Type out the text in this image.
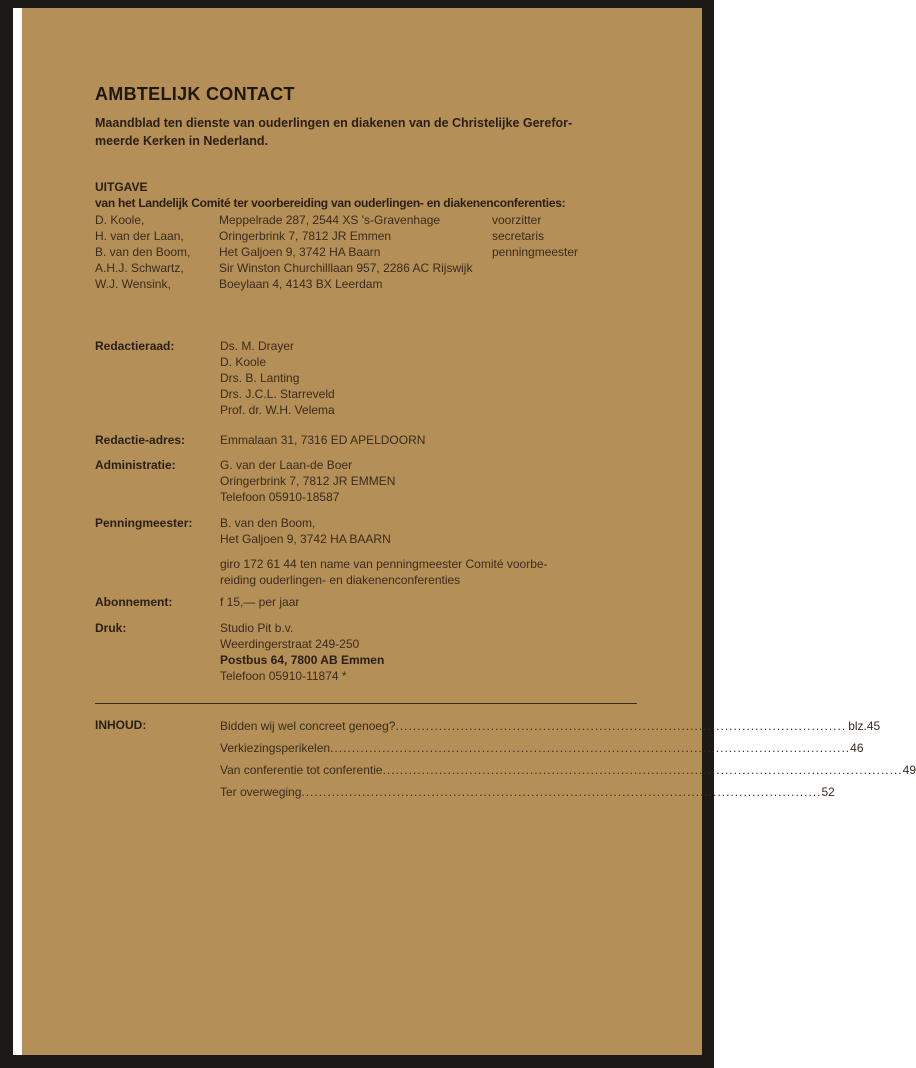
AMBTELIJK CONTACT
Maandblad ten dienste van ouderlingen en diakenen van de Christelijke Gerefor-
meerde Kerken in Nederland.
UITGAVE
van het Landelijk Comité ter voorbereiding van ouderlingen- en diakenenconferenties:
D. Koole,	Meppelrade 287, 2544 XS 's-Gravenhage	voorzitter
H. van der Laan,	Oringerbrink 7, 7812 JR Emmen	secretaris
B. van den Boom, Het Galjoen 9, 3742 HA Baarn	penningmeester
A.H.J. Schwartz,	Sir Winston Churchilllaan 957, 2286 AC Rijswijk
W.J. Wensink,	Boeylaan 4, 4143 BX Leerdam
Redactieraad:	Ds. M. Drayer
D. Koole
Drs. B. Lanting
Drs. J.C.L. Starreveld
Prof. dr. W.H. Velema
Redactie-adres:	Emmalaan 31, 7316 ED APELDOORN
Administratie:	G. van der Laan-de Boer
Oringerbrink 7, 7812 JR EMMEN
Telefoon 05910-18587
Penningmeester: B. van den Boom,
Het Galjoen 9, 3742 HA BAARN
giro 172 61 44 ten name van penningmeester Comité voorbe-
reiding ouderlingen- en diakenenconferenties
Abonnement:	f 15,— per jaar
Druk:	Studio Pit b.v.
Weerdingerstraat 249-250
Postbus 64, 7800 AB Emmen
Telefoon 05910-11874 *
INHOUD:	Bidden wij wel concreet genoeg? ........................................................................................................ blz. 45
Verkiezingsperikelen ........................................................................................................................ 46
Van conferentie tot conferentie ........................................................................................................................ 49
Ter overweging ........................................................................................................................ 52
